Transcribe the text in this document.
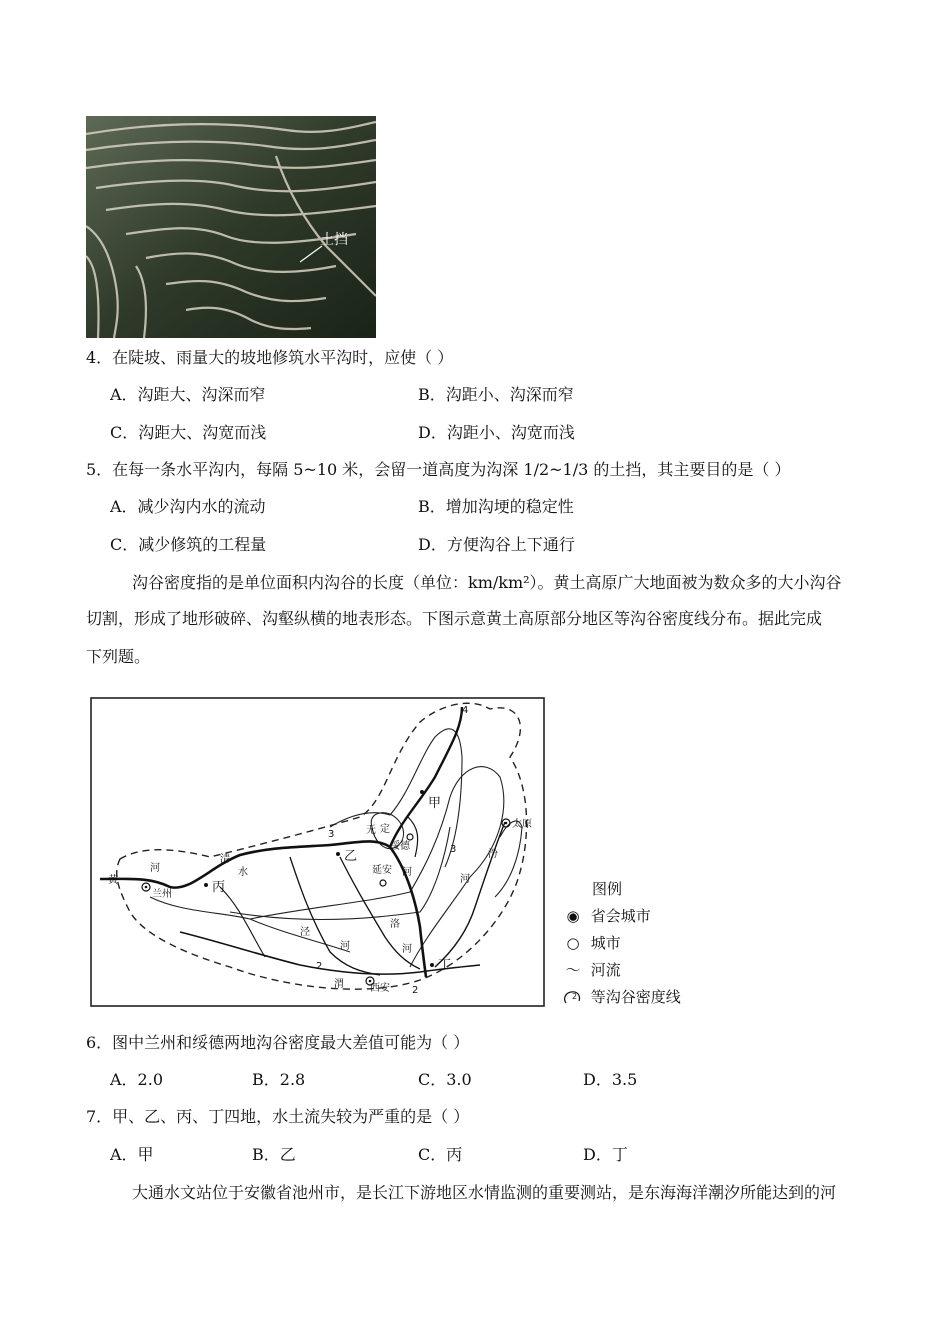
土挡
4．在陡坡、雨量大的坡地修筑水平沟时，应使（ ）
A．沟距大、沟深而窄	B．沟距小、沟深而窄
C．沟距大、沟宽而浅	D．沟距小、沟宽而浅
5．在每一条水平沟内，每隔 5~10 米，会留一道高度为沟深 1/2~1/3 的土挡，其主要目的是（ ）
A．减少沟内水的流动	B．增加沟埂的稳定性
C．减少修筑的工程量	D．方便沟谷上下通行
沟谷密度指的是单位面积内沟谷的长度（单位：km/km²）。黄土高原广大地面被为数众多的大小沟谷
切割，形成了地形破碎、沟壑纵横的地表形态。下图示意黄土高原部分地区等沟谷密度线分布。据此完成
下列题。
甲
乙
丙
丁
兰州
西安
太原
延安
绥德
黄
河
清
水
泾
洛
渭
汾
无 定
河
河
河	河
2
2
3
3
4
图例
◉ 省会城市
○ 城市
〜 河流
2 等沟谷密度线
6．图中兰州和绥德两地沟谷密度最大差值可能为（ ）
A．2.0	B．2.8	C．3.0	D．3.5
7．甲、乙、丙、丁四地，水土流失较为严重的是（ ）
A．甲	B．乙	C．丙	D．丁
大通水文站位于安徽省池州市，是长江下游地区水情监测的重要测站，是东海海洋潮汐所能达到的河
